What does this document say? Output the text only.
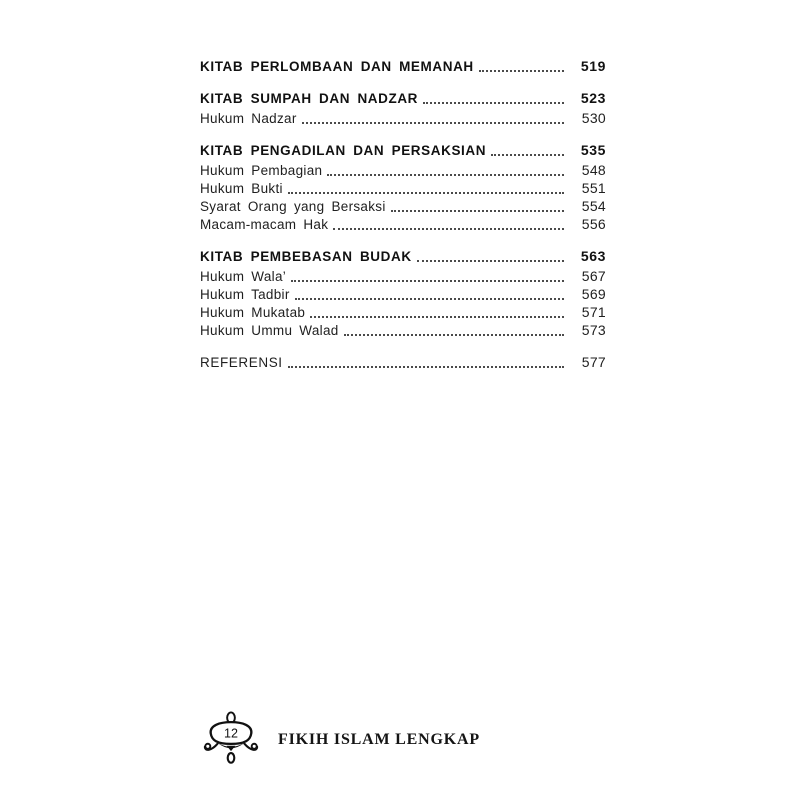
KITAB PERLOMBAAN DAN MEMANAH	519
KITAB SUMPAH DAN NADZAR	523
Hukum Nadzar	530
KITAB PENGADILAN DAN PERSAKSIAN	535
Hukum Pembagian	548
Hukum Bukti	551
Syarat Orang yang Bersaksi	554
Macam-macam Hak	556
KITAB PEMBEBASAN BUDAK	563
Hukum Wala’	567
Hukum Tadbir	569
Hukum Mukatab	571
Hukum Ummu Walad	573
REFERENSI	577
12	FIKIH ISLAM LENGKAP
